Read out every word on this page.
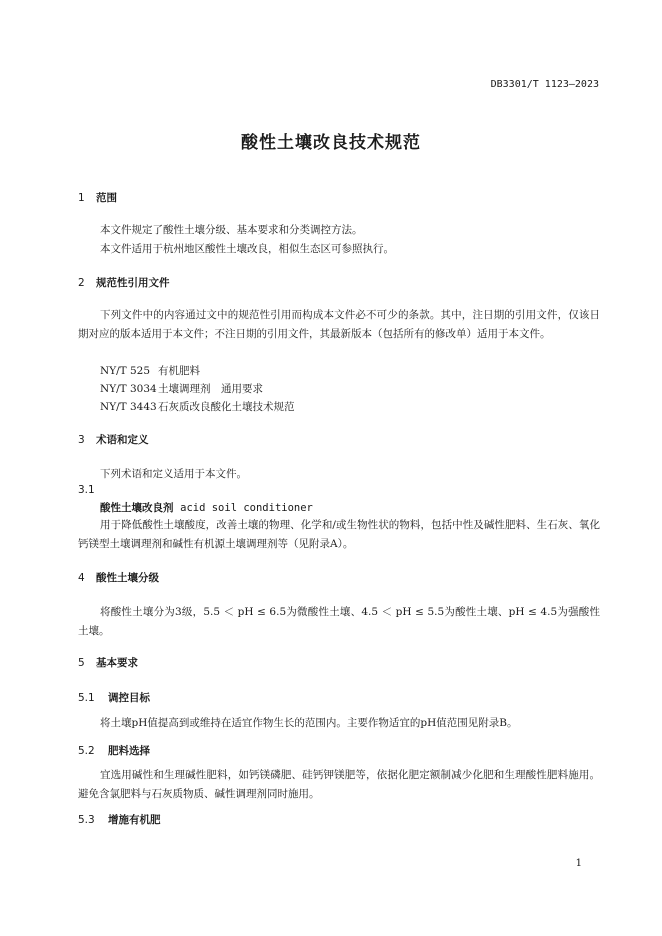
DB3301/T 1123—2023
酸性土壤改良技术规范
1 范围
本文件规定了酸性土壤分级、基本要求和分类调控方法。
本文件适用于杭州地区酸性土壤改良，相似生态区可参照执行。
2 规范性引用文件
下列文件中的内容通过文中的规范性引用而构成本文件必不可少的条款。其中，注日期的引用文件，仅该日期对应的版本适用于本文件；不注日期的引用文件，其最新版本（包括所有的修改单）适用于本文件。
NY/T 525 有机肥料
NY/T 3034土壤调理剂　通用要求
NY/T 3443石灰质改良酸化土壤技术规范
3 术语和定义
下列术语和定义适用于本文件。
3.1
酸性土壤改良剂 acid soil conditioner
用于降低酸性土壤酸度，改善土壤的物理、化学和/或生物性状的物料，包括中性及碱性肥料、生石灰、氧化钙镁型土壤调理剂和碱性有机源土壤调理剂等（见附录A）。
4 酸性土壤分级
将酸性土壤分为3级，5.5 ＜ pH ≤ 6.5为微酸性土壤、4.5 ＜ pH ≤ 5.5为酸性土壤、pH ≤ 4.5为强酸性土壤。
5 基本要求
5.1 调控目标
将土壤pH值提高到或维持在适宜作物生长的范围内。主要作物适宜的pH值范围见附录B。
5.2 肥料选择
宜选用碱性和生理碱性肥料，如钙镁磷肥、硅钙钾镁肥等，依据化肥定额制减少化肥和生理酸性肥料施用。避免含氯肥料与石灰质物质、碱性调理剂同时施用。
5.3 增施有机肥
1
